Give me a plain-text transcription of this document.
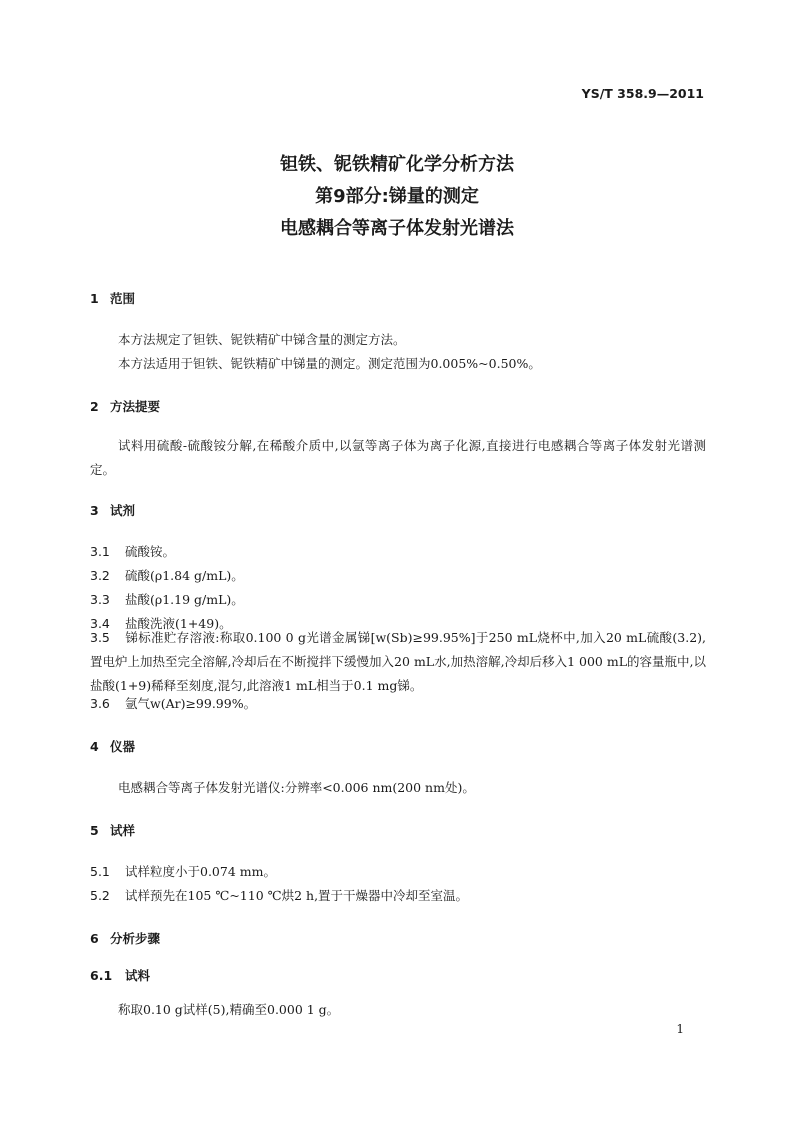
YS/T 358.9—2011
钽铁、铌铁精矿化学分析方法
第9部分:锑量的测定
电感耦合等离子体发射光谱法
1 范围
本方法规定了钽铁、铌铁精矿中锑含量的测定方法。
本方法适用于钽铁、铌铁精矿中锑量的测定。测定范围为0.005%~0.50%。
2 方法提要
试料用硫酸-硫酸铵分解,在稀酸介质中,以氩等离子体为离子化源,直接进行电感耦合等离子体发射光谱测定。
3 试剂
3.1 硫酸铵。
3.2 硫酸(ρ1.84 g/mL)。
3.3 盐酸(ρ1.19 g/mL)。
3.4 盐酸洗液(1+49)。
3.5 锑标准贮存溶液:称取0.100 0 g光谱金属锑[w(Sb)≥99.95%]于250 mL烧杯中,加入20 mL硫酸(3.2),置电炉上加热至完全溶解,冷却后在不断搅拌下缓慢加入20 mL水,加热溶解,冷却后移入1 000 mL的容量瓶中,以盐酸(1+9)稀释至刻度,混匀,此溶液1 mL相当于0.1 mg锑。
3.6 氩气w(Ar)≥99.99%。
4 仪器
电感耦合等离子体发射光谱仪:分辨率<0.006 nm(200 nm处)。
5 试样
5.1 试样粒度小于0.074 mm。
5.2 试样预先在105 ℃~110 ℃烘2 h,置于干燥器中冷却至室温。
6 分析步骤
6.1 试料
称取0.10 g试样(5),精确至0.000 1 g。
1
